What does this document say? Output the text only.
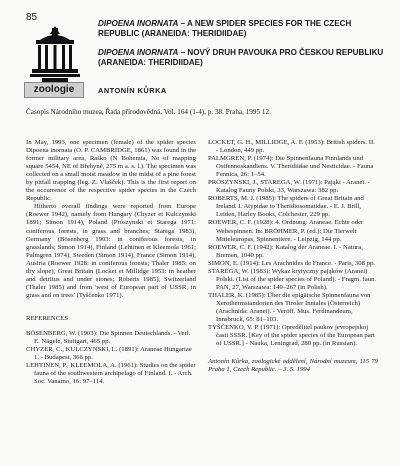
85
zoologie
DIPOENA INORNATA – A NEW SPIDER SPECIES FOR THE CZECH REPUBLIC (ARANEIDA: THERIDIIDAE)
DIPOENA INORNATA – NOVÝ DRUH PAVOUKA PRO ČESKOU REPUBLIKU (ARANEIDA: THERIDIIDAE)
ANTONÍN KŮRKA
Časopis Národního muzea, Řada přírodovědná, Vol. 164 (1-4), p. 38. Praha, 1995 12.

In May, 1993, one specimen (female) of the spider species Dipoena inornata (O. P. CAMBRIDGE, 1861) was found in the former military area, Raško (N Bohemia, No of mapping square 5454, NE of Břehyně, 275 m a. s. l.). The specimen was collected on a small moist meadow in the midst of a pine forest by pitfall trapping (leg. Z. Vlašček). This is the first report on the occurrence of the respective spider species in the Czech Republic.

Hitherto overall findings were reported from Europe (Roewer 1942), namely from Hungary (Chyzer et Kulczynski 1891; Simon 1914), Poland (Prószynski et Starega 1971: coniferous forests, in grass and branches; Starega 1983), Germany (Bösenberg 1903: in coniferous forests, in grasslands; Simon 1914), Finland (Lehtinen et Kleemola 1961; Palmgren 1974), Sweden (Simon 1914), France (Simon 1914), Austria (Roewer 1928: in coniferous forests; Thaler 1985: on dry slope), Great Britain (Locket et Millidge 1953: in heather and detritus and under stones; Roberts 1985), Switzerland (Thaler 1985) and from 'west of European part of USSR, in grass and on trees' (Tyščenko 1971).

REFERENCES

BÖSENBERG, W. (1903): Die Spinnen Deutschlands. - Verl. E. Nägele, Stuttgart, 465 pp.

CHYZER, C., KULCZYNSKI, L. (1891): Araneae Hungariae 1. - Budapest, 366 pp.

LEHTINEN, P., KLEEMOLA, A. (1961): Studies on the spider fauna of the southwestern archipelago of Finland. I. - Arch. Soc. Vanamo, 16: 97–114.

LOCKET, G. H., MILLIDGE, A. F. (1953): British spiders. II. - London, 449 pp.

PALMGREN, P. (1974): Die Spinnenfauna Finnlands und Ostfennoskandiens. V. Theridiidae und Nesticidae. - Fauna Fennica, 26: 1–54.

PRÓSZYNSKI, J., STAREGA, W. (1971): Pająki - Araneï. - Katalog Fauny Polski, 33, Warszawa: 382 pp.

ROBERTS, M. J. (1985): The spiders of Great Britain and Ireland. I. Atypidae to Theridiosomatidae. - E. J. Brill, Leiden, Harley Books, Colchester, 229 pp.

ROEWER, C. F. (1928): 4. Ordnung: Araneae. Echte oder Webespinnen. In: BRÖHMER, P. (ed.): Die Tierwelt Mitteleuropas, Spinnentiere. - Leipzig, 144 pp.

ROEWER, C. F. (1942): Katalog der Araneae. I. - Natura, Bremen, 1040 pp.

SIMON, E. (1914): Les Arachnides de France. - Paris, 308 pp.

STAREGA, W. (1983): Wykaz krytyczny pająków (Aranei) Polski. (List of the spider species of Poland). - Fragm. faun. PAN, 27, Warszawa: 149–267 (in Polish).

THALER, K. (1985): Über die epigäische Spinnenfauna von Xerothermstandorten des Tiroler Inntales (Österreich) (Arachnida: Aranei). - Veröff. Mus. Ferdinandeum, Innsbruck, 65: 81–103.

TYŠČENKO, V. P. (1971): Opredělitel paukov jevropejskoj časti SSSR. [Key of the spider species of the European part of USSR.] - Nauka, Leningrad, 280 pp. (in Russian).

Antonín Kůrka, zoologické oddělení, Národní muzeum, 115 79 Praha 1, Czech Republic. – 3. 5. 1994
